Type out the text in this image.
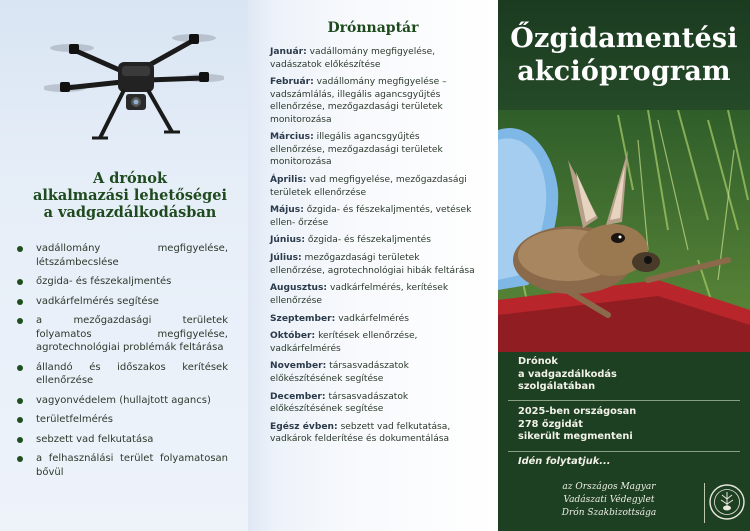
A drónok
alkalmazási lehetőségei
a vadgazdálkodásban
vadállomány megfigyelése, létszámbecslése
őzgida- és fészekaljmentés
vadkárfelmérés segítése
a mezőgazdasági területek folyamatos megfigyelése, agrotechnológiai problémák feltárása
állandó és időszakos kerítések ellenőrzése
vagyonvédelem (hullajtott agancs)
területfelmérés
sebzett vad felkutatása
a felhasználási terület folyamatosan bővül
Drónnaptár

Január: vadállomány megfigyelése, vadászatok előkészítése

Február: vadállomány megfigyelése – vadszámlálás, illegális agancsgyűjtés ellenőrzése, mezőgazdasági területek monitorozása

Március: illegális agancsgyűjtés ellenőrzése, mezőgazdasági területek monitorozása

Április: vad megfigyelése, mezőgazdasági területek ellenőrzése

Május: őzgida- és fészekaljmentés, vetések ellen- őrzése

Június: őzgida- és fészekaljmentés

Július: mezőgazdasági területek ellenőrzése, agrotechnológiai hibák feltárása

Augusztus: vadkárfelmérés, kerítések ellenőrzése

Szeptember: vadkárfelmérés

Október: kerítések ellenőrzése, vadkárfelmérés

November: társasvadászatok előkészítésének segítése

December: társasvadászatok előkészítésének segítése

Egész évben: sebzett vad felkutatása, vadkárok felderítése és dokumentálása

Őzgidamentési
akcióprogram
Drónok
a vadgazdálkodás
szolgálatában
2025-ben országosan
278 őzgidát
sikerült megmenteni
Idén folytatjuk...
az Országos Magyar
Vadászati Védegylet
Drón Szakbizottsága
